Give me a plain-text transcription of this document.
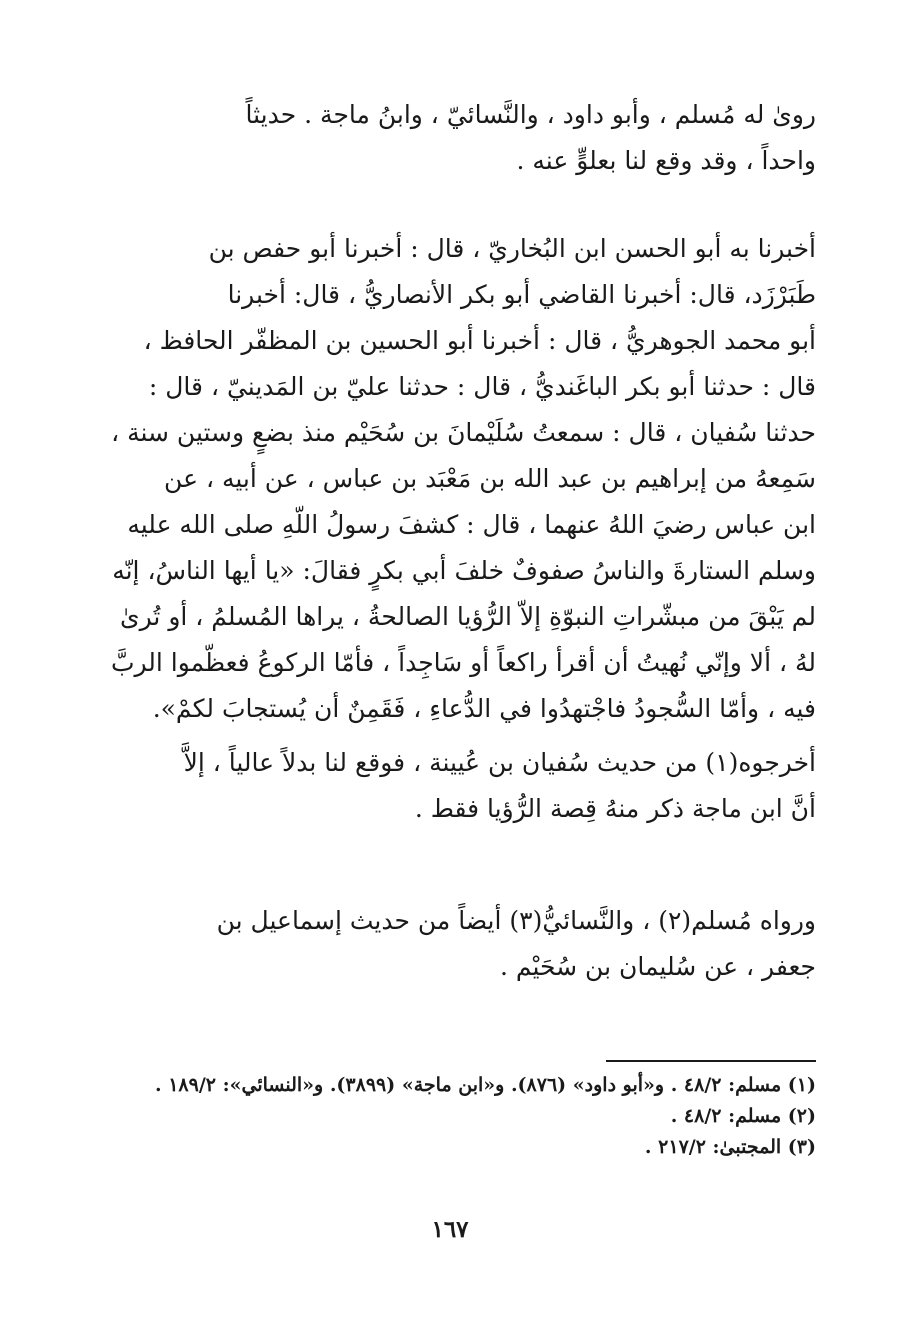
روىٰ له مُسلم ، وأبو داود ، والنَّسائيّ ، وابنُ ماجة . حديثاً
واحداً ، وقد وقع لنا بعلوٍّ عنه .

أخبرنا به أبو الحسن ابن البُخاريّ ، قال : أخبرنا أبو حفص بن
طَبَرْزَد، قال: أخبرنا القاضي أبو بكر الأنصاريُّ ، قال: أخبرنا
أبو محمد الجوهريُّ ، قال : أخبرنا أبو الحسين بن المظفّر الحافظ ،
قال : حدثنا أبو بكر الباغَنديُّ ، قال : حدثنا عليّ بن المَدينيّ ، قال :
حدثنا سُفيان ، قال : سمعتُ سُلَيْمانَ بن سُحَيْم منذ بضعٍ وستين سنة ،
سَمِعهُ من إبراهيم بن عبد الله بن مَعْبَد بن عباس ، عن أبيه ، عن
ابن عباس رضيَ اللهُ عنهما ، قال : كشفَ رسولُ اللّهِ صلى الله عليه
وسلم الستارةَ والناسُ صفوفٌ خلفَ أبي بكرٍ فقالَ: «يا أيها الناسُ، إنّه
لم يَبْقَ من مبشّراتِ النبوّةِ إلاّ الرُّؤيا الصالحةُ ، يراها المُسلمُ ، أو تُرىٰ
لهُ ، ألا وإنّي نُهيتُ أن أقرأ راكعاً أو سَاجِداً ، فأمّا الركوعُ فعظّموا الربَّ
فيه ، وأمّا السُّجودُ فاجْتهدُوا في الدُّعاءِ ، فَقَمِنٌ أن يُستجابَ لكمْ».

أخرجوه(١) من حديث سُفيان بن عُيينة ، فوقع لنا بدلاً عالياً ، إلاَّ
أنَّ ابن ماجة ذكر منهُ قِصة الرُّؤيا فقط .

ورواه مُسلم(٢) ، والنَّسائيُّ(٣) أيضاً من حديث إسماعيل بن
جعفر ، عن سُليمان بن سُحَيْم .

(١) مسلم: ٤٨/٢ . و«أبو داود» (٨٧٦). و«ابن ماجة» (٣٨٩٩). و«النسائي»: ١٨٩/٢ .
(٢) مسلم: ٤٨/٢ .
(٣) المجتبىٰ: ٢١٧/٢ .
١٦٧
